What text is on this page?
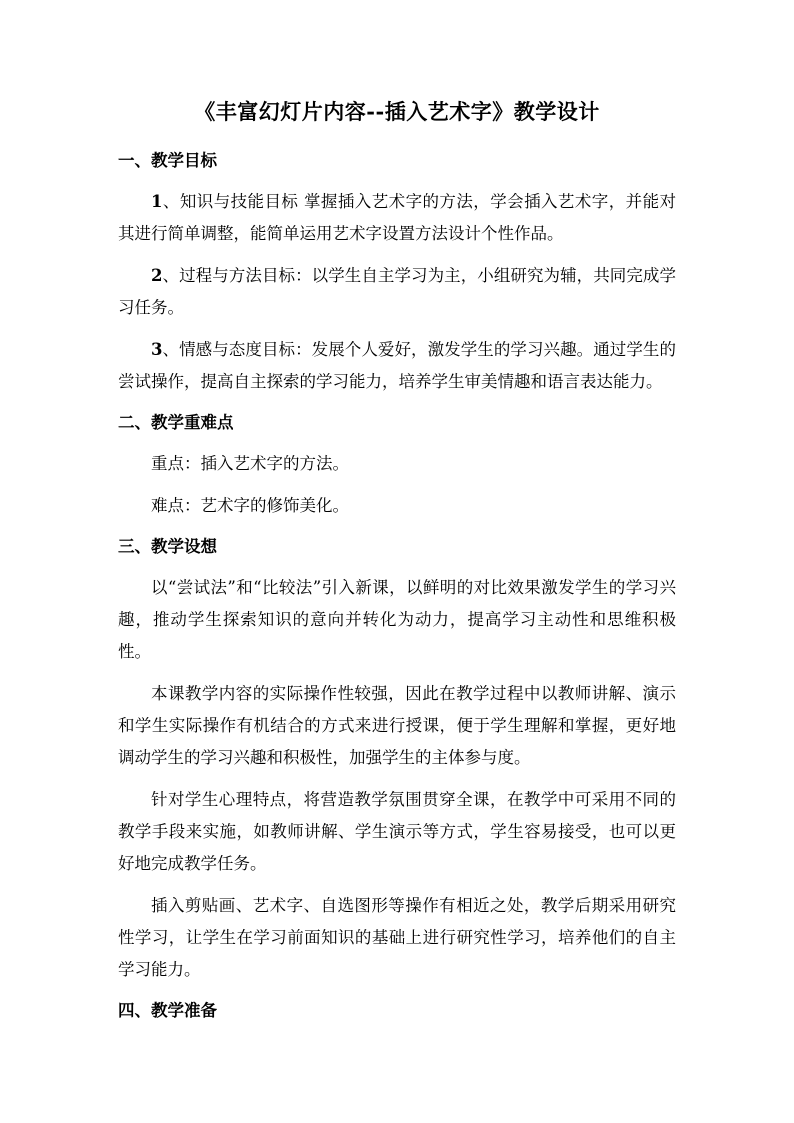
《丰富幻灯片内容--插入艺术字》教学设计
一、教学目标

1、知识与技能目标 掌握插入艺术字的方法，学会插入艺术字，并能对其进行简单调整，能简单运用艺术字设置方法设计个性作品。

2、过程与方法目标：以学生自主学习为主，小组研究为辅，共同完成学习任务。

3、情感与态度目标：发展个人爱好，激发学生的学习兴趣。通过学生的尝试操作，提高自主探索的学习能力，培养学生审美情趣和语言表达能力。

二、教学重难点

重点：插入艺术字的方法。

难点：艺术字的修饰美化。

三、教学设想

以“尝试法”和“比较法”引入新课，以鲜明的对比效果激发学生的学习兴趣，推动学生探索知识的意向并转化为动力，提高学习主动性和思维积极性。

本课教学内容的实际操作性较强，因此在教学过程中以教师讲解、演示和学生实际操作有机结合的方式来进行授课，便于学生理解和掌握，更好地调动学生的学习兴趣和积极性，加强学生的主体参与度。

针对学生心理特点，将营造教学氛围贯穿全课，在教学中可采用不同的教学手段来实施，如教师讲解、学生演示等方式，学生容易接受，也可以更好地完成教学任务。

插入剪贴画、艺术字、自选图形等操作有相近之处，教学后期采用研究性学习，让学生在学习前面知识的基础上进行研究性学习，培养他们的自主学习能力。

四、教学准备
